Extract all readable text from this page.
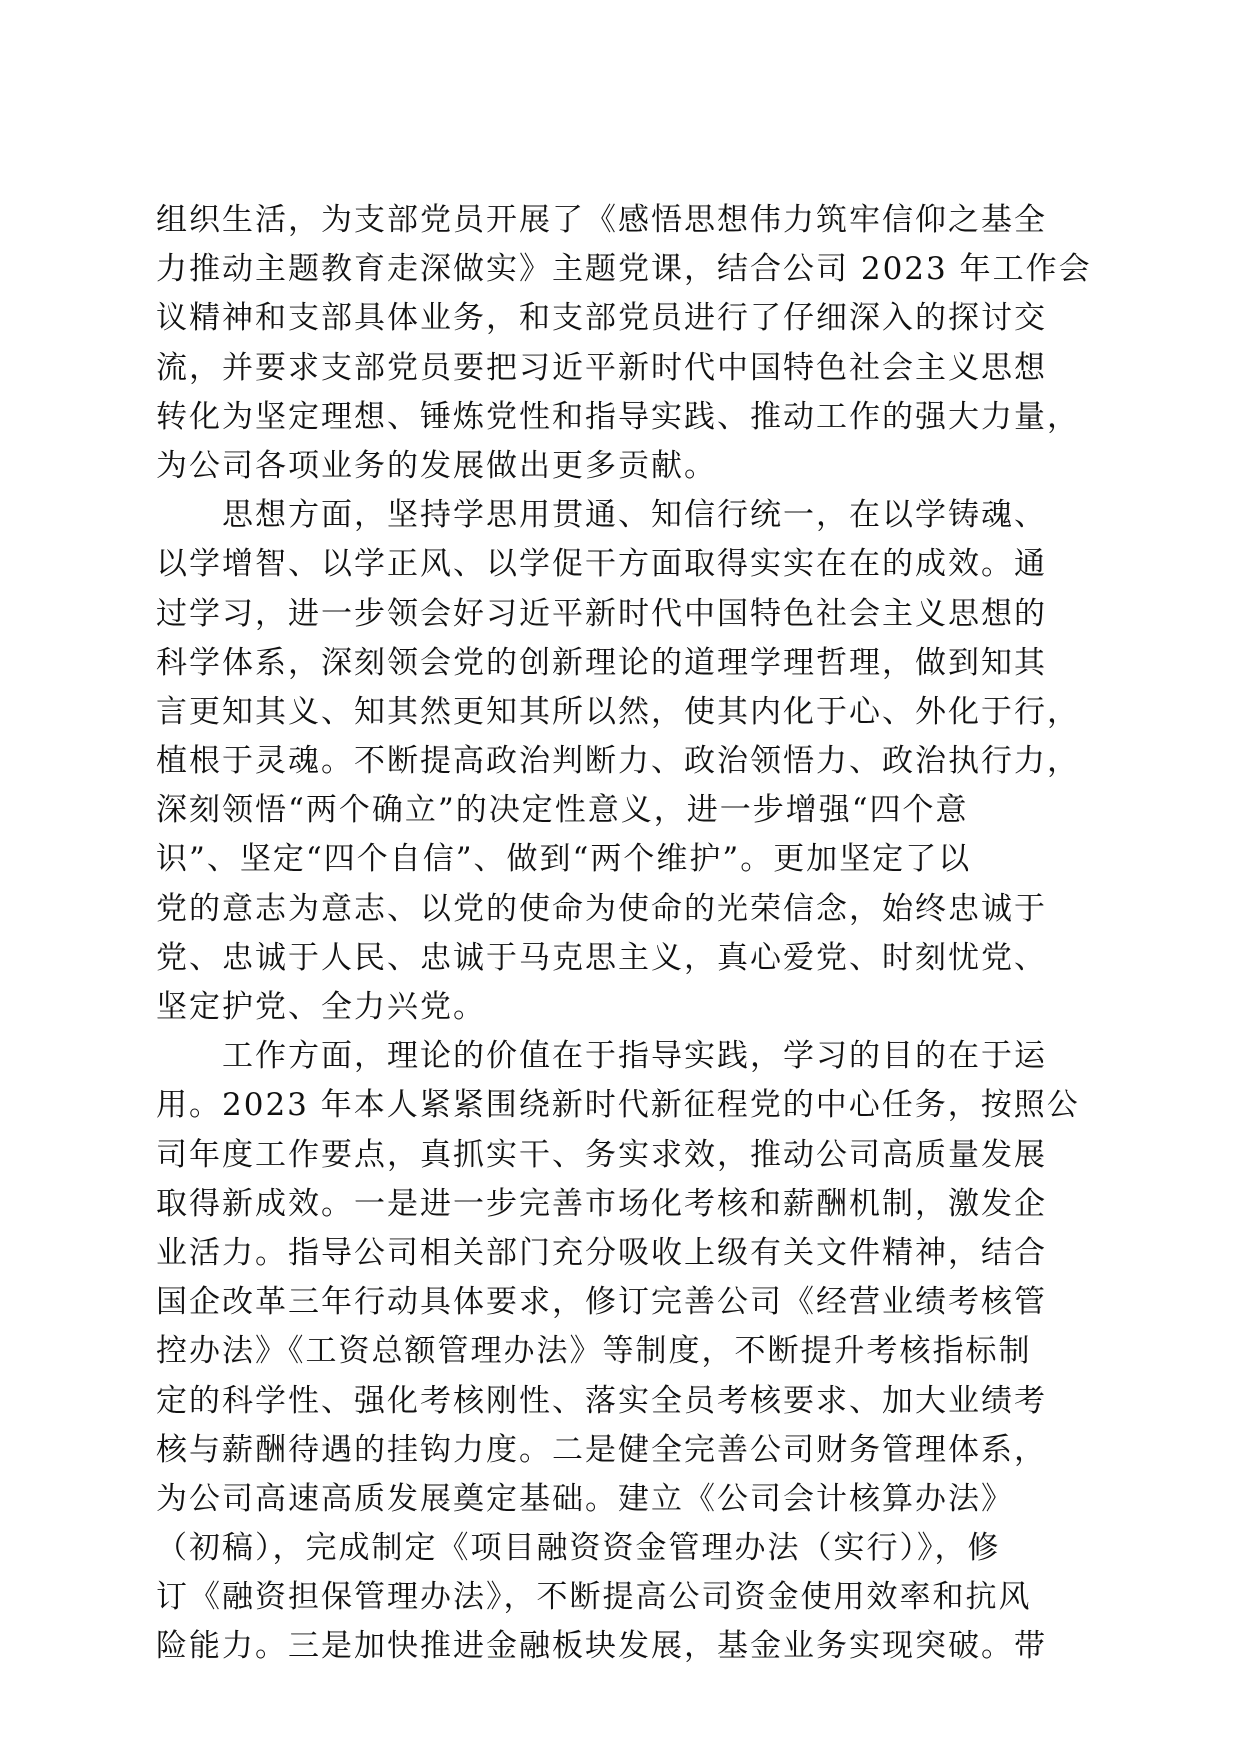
组织生活，为支部党员开展了《感悟思想伟力筑牢信仰之基全
力推动主题教育走深做实》主题党课，结合公司 2023 年工作会
议精神和支部具体业务，和支部党员进行了仔细深入的探讨交
流，并要求支部党员要把习近平新时代中国特色社会主义思想
转化为坚定理想、锤炼党性和指导实践、推动工作的强大力量，
为公司各项业务的发展做出更多贡献。
思想方面，坚持学思用贯通、知信行统一，在以学铸魂、
以学增智、以学正风、以学促干方面取得实实在在的成效。通
过学习，进一步领会好习近平新时代中国特色社会主义思想的
科学体系，深刻领会党的创新理论的道理学理哲理，做到知其
言更知其义、知其然更知其所以然，使其内化于心、外化于行，
植根于灵魂。不断提高政治判断力、政治领悟力、政治执行力，
深刻领悟“两个确立”的决定性意义，进一步增强“四个意
识”、坚定“四个自信”、做到“两个维护”。更加坚定了以
党的意志为意志、以党的使命为使命的光荣信念，始终忠诚于
党、忠诚于人民、忠诚于马克思主义，真心爱党、时刻忧党、
坚定护党、全力兴党。
工作方面，理论的价值在于指导实践，学习的目的在于运
用。2023 年本人紧紧围绕新时代新征程党的中心任务，按照公
司年度工作要点，真抓实干、务实求效，推动公司高质量发展
取得新成效。一是进一步完善市场化考核和薪酬机制，激发企
业活力。指导公司相关部门充分吸收上级有关文件精神，结合
国企改革三年行动具体要求，修订完善公司《经营业绩考核管
控办法》《工资总额管理办法》等制度，不断提升考核指标制
定的科学性、强化考核刚性、落实全员考核要求、加大业绩考
核与薪酬待遇的挂钩力度。二是健全完善公司财务管理体系，
为公司高速高质发展奠定基础。建立《公司会计核算办法》
（初稿），完成制定《项目融资资金管理办法（实行）》，修
订《融资担保管理办法》，不断提高公司资金使用效率和抗风
险能力。三是加快推进金融板块发展，基金业务实现突破。带
